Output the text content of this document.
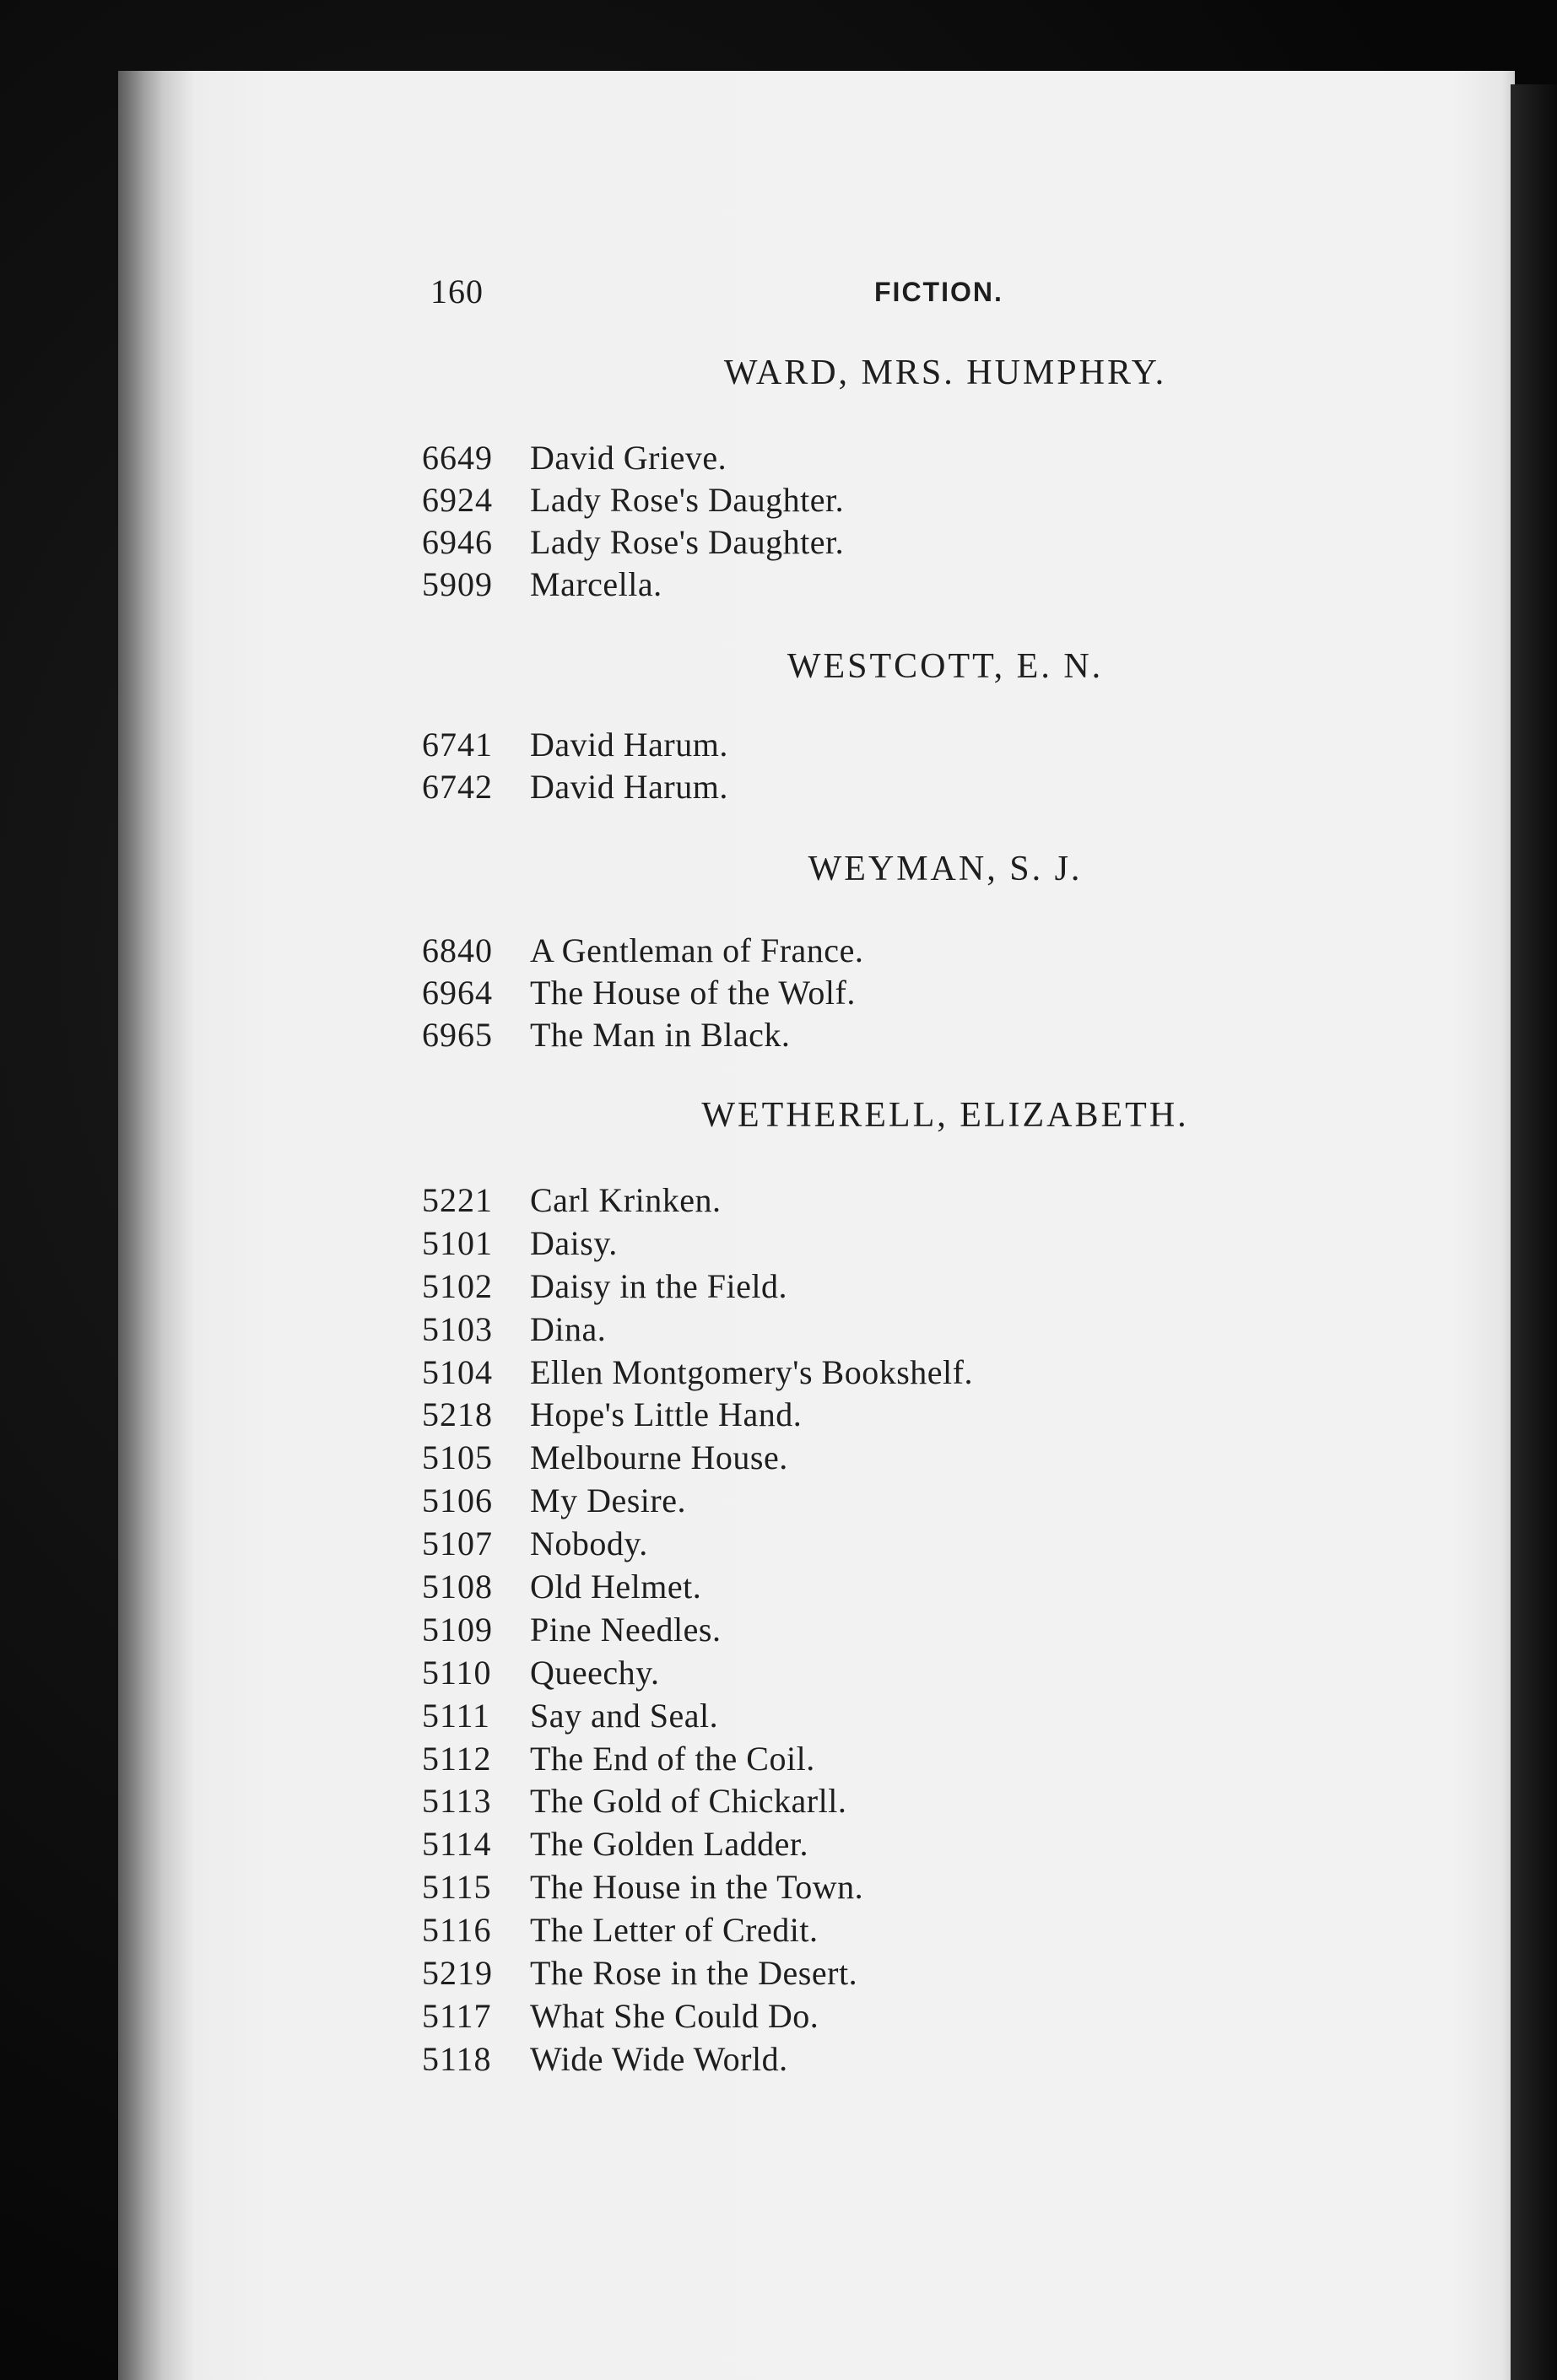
160	FICTION.
WARD, MRS. HUMPHRY.
6649 David Grieve.
6924 Lady Rose's Daughter.
6946 Lady Rose's Daughter.
5909 Marcella.
WESTCOTT, E. N.
6741 David Harum.
6742 David Harum.
WEYMAN, S. J.
6840 A Gentleman of France.
6964 The House of the Wolf.
6965 The Man in Black.
WETHERELL, ELIZABETH.
5221 Carl Krinken.
5101 Daisy.
5102 Daisy in the Field.
5103 Dina.
5104 Ellen Montgomery's Bookshelf.
5218 Hope's Little Hand.
5105 Melbourne House.
5106 My Desire.
5107 Nobody.
5108 Old Helmet.
5109 Pine Needles.
5110 Queechy.
5111 Say and Seal.
5112 The End of the Coil.
5113 The Gold of Chickarll.
5114 The Golden Ladder.
5115 The House in the Town.
5116 The Letter of Credit.
5219 The Rose in the Desert.
5117 What She Could Do.
5118 Wide Wide World.
